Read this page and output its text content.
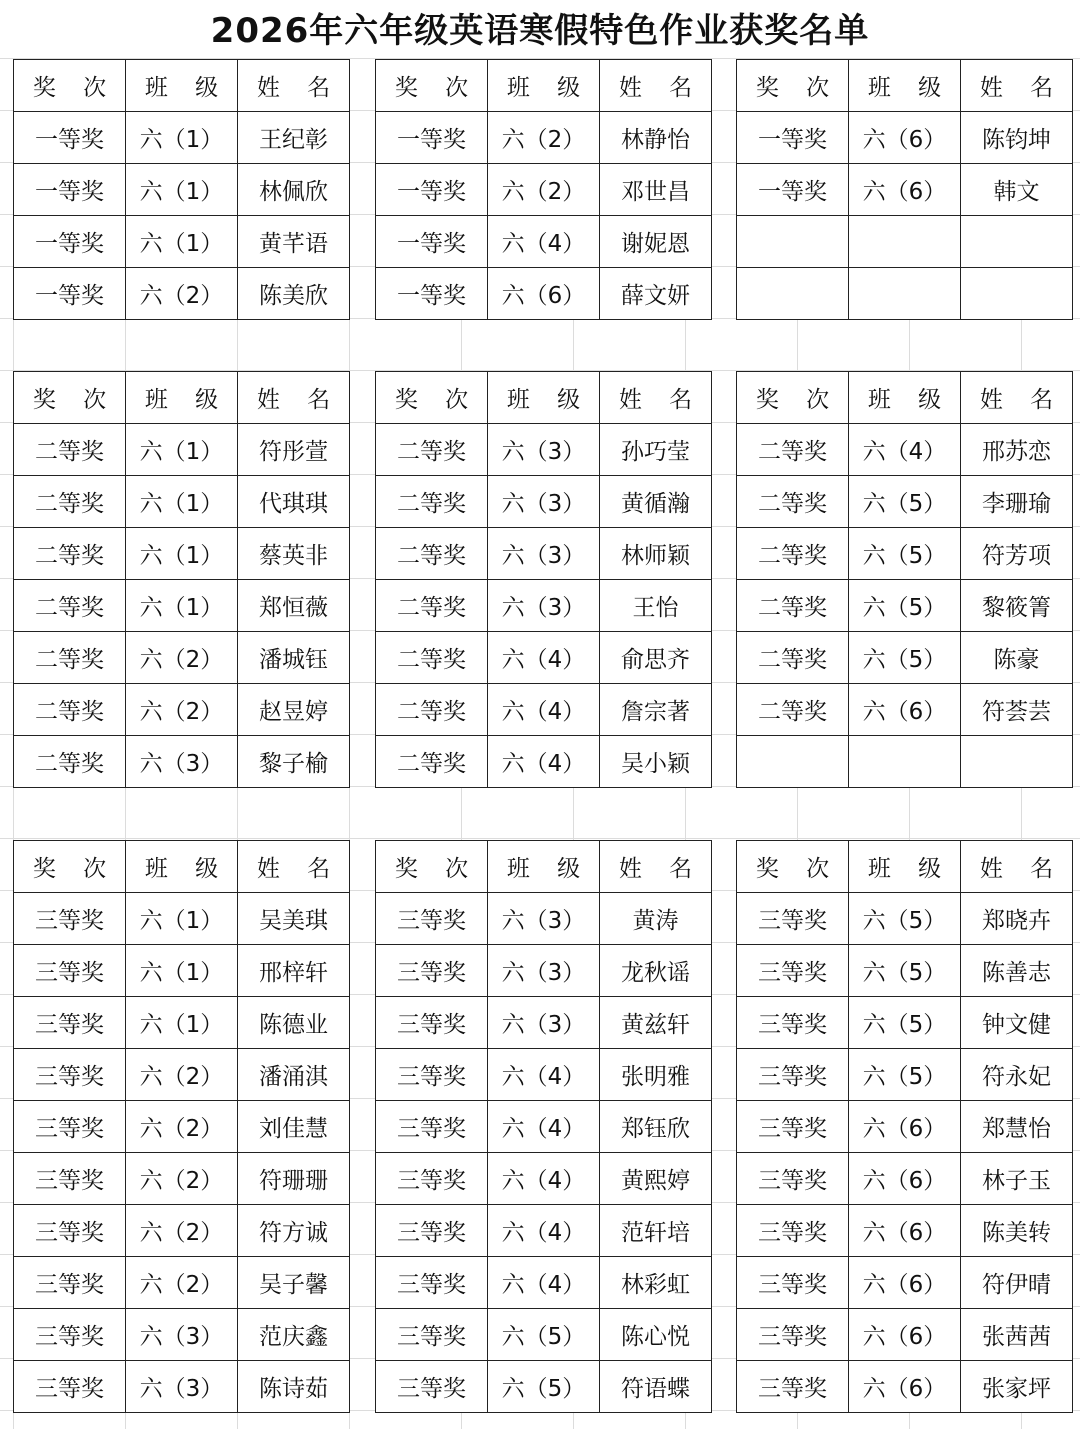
2026年六年级英语寒假特色作业获奖名单
奖 次	班 级	姓 名
一等奖	六（1）	王纪彰
一等奖	六（1）	林佩欣
一等奖	六（1）	黄芊语
一等奖	六（2）	陈美欣
奖 次	班 级	姓 名
一等奖	六（2）	林静怡
一等奖	六（2）	邓世昌
一等奖	六（4）	谢妮恩
一等奖	六（6）	薛文妍
奖 次	班 级	姓 名
一等奖	六（6）	陈钧坤
一等奖	六（6）	韩文

奖 次	班 级	姓 名
二等奖	六（1）	符彤萱
二等奖	六（1）	代琪琪
二等奖	六（1）	蔡英非
二等奖	六（1）	郑恒薇
二等奖	六（2）	潘城钰
二等奖	六（2）	赵昱婷
二等奖	六（3）	黎子榆
奖 次	班 级	姓 名
二等奖	六（3）	孙巧莹
二等奖	六（3）	黄循瀚
二等奖	六（3）	林师颖
二等奖	六（3）	王怡
二等奖	六（4）	俞思齐
二等奖	六（4）	詹宗著
二等奖	六（4）	吴小颖
奖 次	班 级	姓 名
二等奖	六（4）	邢苏恋
二等奖	六（5）	李珊瑜
二等奖	六（5）	符芳项
二等奖	六（5）	黎筱箐
二等奖	六（5）	陈豪
二等奖	六（6）	符荟芸

奖 次	班 级	姓 名
三等奖	六（1）	吴美琪
三等奖	六（1）	邢梓轩
三等奖	六（1）	陈德业
三等奖	六（2）	潘涌淇
三等奖	六（2）	刘佳慧
三等奖	六（2）	符珊珊
三等奖	六（2）	符方诚
三等奖	六（2）	吴子馨
三等奖	六（3）	范庆鑫
三等奖	六（3）	陈诗茹
奖 次	班 级	姓 名
三等奖	六（3）	黄涛
三等奖	六（3）	龙秋谣
三等奖	六（3）	黄兹轩
三等奖	六（4）	张明雅
三等奖	六（4）	郑钰欣
三等奖	六（4）	黄熙婷
三等奖	六（4）	范轩培
三等奖	六（4）	林彩虹
三等奖	六（5）	陈心悦
三等奖	六（5）	符语蝶
奖 次	班 级	姓 名
三等奖	六（5）	郑晓卉
三等奖	六（5）	陈善志
三等奖	六（5）	钟文健
三等奖	六（5）	符永妃
三等奖	六（6）	郑慧怡
三等奖	六（6）	林子玉
三等奖	六（6）	陈美转
三等奖	六（6）	符伊晴
三等奖	六（6）	张茜茜
三等奖	六（6）	张家坪
